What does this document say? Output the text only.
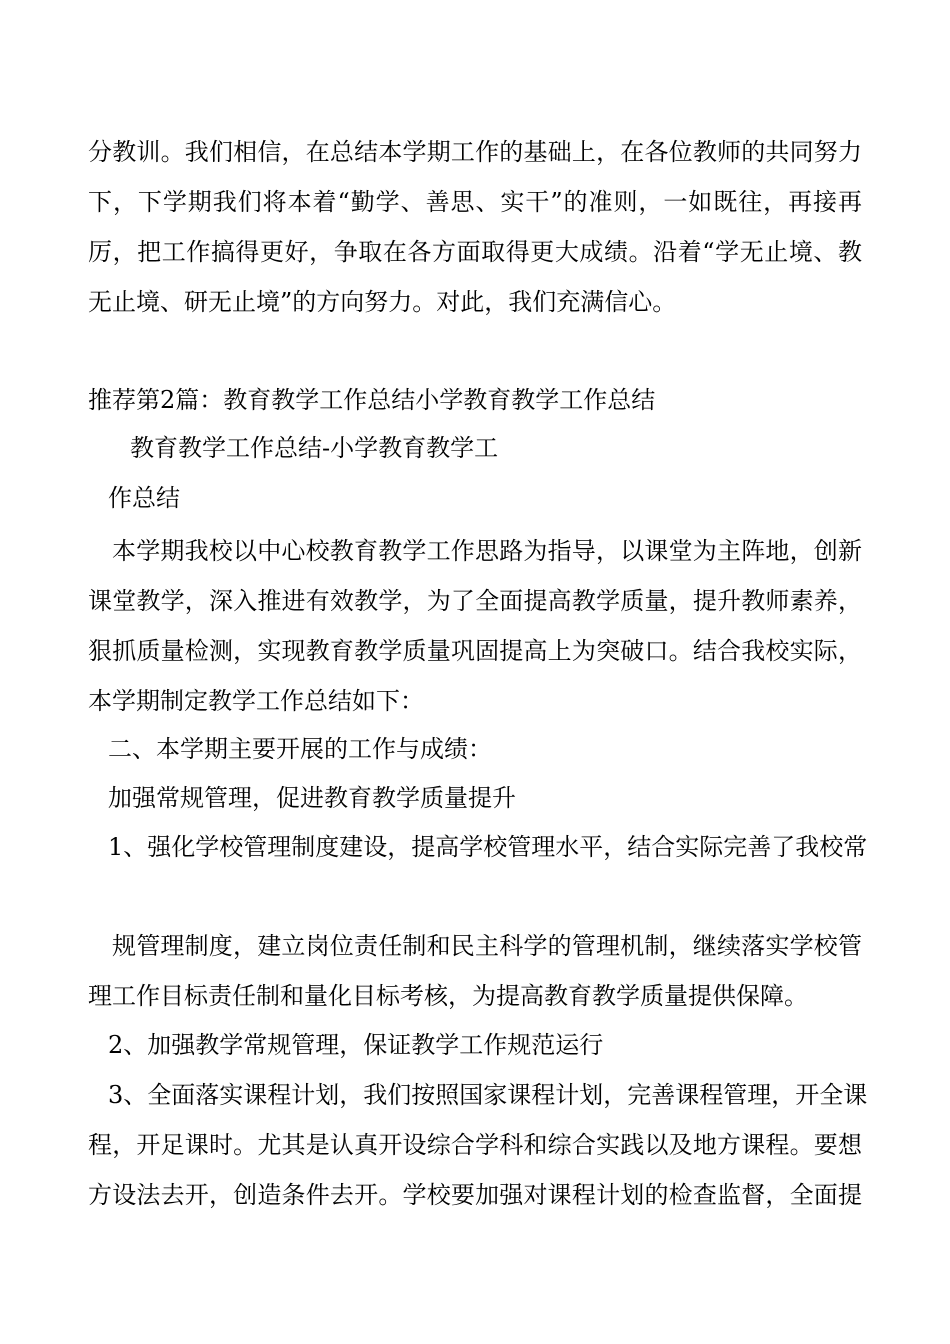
分教训。我们相信，在总结本学期工作的基础上，在各位教师的共同努力
下，下学期我们将本着“勤学、善思、实干”的准则，一如既往，再接再
厉，把工作搞得更好，争取在各方面取得更大成绩。沿着“学无止境、教
无止境、研无止境”的方向努力。对此，我们充满信心。
推荐第2篇：教育教学工作总结小学教育教学工作总结
教育教学工作总结-小学教育教学工
作总结
本学期我校以中心校教育教学工作思路为指导，以课堂为主阵地，创新
课堂教学，深入推进有效教学，为了全面提高教学质量，提升教师素养，
狠抓质量检测，实现教育教学质量巩固提高上为突破口。结合我校实际，
本学期制定教学工作总结如下：
二、本学期主要开展的工作与成绩：
加强常规管理，促进教育教学质量提升
1、强化学校管理制度建设，提高学校管理水平，结合实际完善了我校常
规管理制度，建立岗位责任制和民主科学的管理机制，继续落实学校管
理工作目标责任制和量化目标考核，为提高教育教学质量提供保障。
2、加强教学常规管理，保证教学工作规范运行
3、全面落实课程计划，我们按照国家课程计划，完善课程管理，开全课
程，开足课时。尤其是认真开设综合学科和综合实践以及地方课程。要想
方设法去开，创造条件去开。学校要加强对课程计划的检查监督，全面提
